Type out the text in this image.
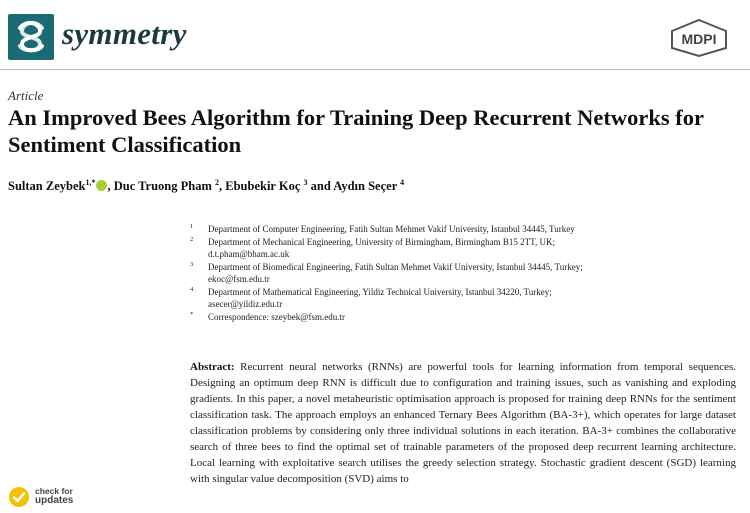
symmetry	MDPI
Article
An Improved Bees Algorithm for Training Deep Recurrent Networks for Sentiment Classification
Sultan Zeybek$^{1,*}$ , Duc Truong Pham $^2$, Ebubekir Koç $^3$ and Aydın Seçer $^4$
1 Department of Computer Engineering, Fatih Sultan Mehmet Vakif University, Istanbul 34445, Turkey
2 Department of Mechanical Engineering, University of Birmingham, Birmingham B15 2TT, UK;
d.t.pham@bham.ac.uk
3 Department of Biomedical Engineering, Fatih Sultan Mehmet Vakif University, Istanbul 34445, Turkey;
ekoc@fsm.edu.tr
4 Department of Mathematical Engineering, Yildiz Technical University, Istanbul 34220, Turkey;
asecer@yildiz.edu.tr
* Correspondence: szeybek@fsm.edu.tr

Abstract: Recurrent neural networks (RNNs) are powerful tools for learning information from temporal sequences. Designing an optimum deep RNN is difficult due to configuration and training issues, such as vanishing and exploding gradients. In this paper, a novel metaheuristic optimisation approach is proposed for training deep RNNs for the sentiment classification task. The approach employs an enhanced Ternary Bees Algorithm (BA-3+), which operates for large dataset classification problems by considering only three individual solutions in each iteration. BA-3+ combines the collaborative search of three bees to find the optimal set of trainable parameters of the proposed deep recurrent learning architecture. Local learning with exploitative search utilises the greedy selection strategy. Stochastic gradient descent (SGD) learning with singular value decomposition (SVD) aims to

check for
updates
